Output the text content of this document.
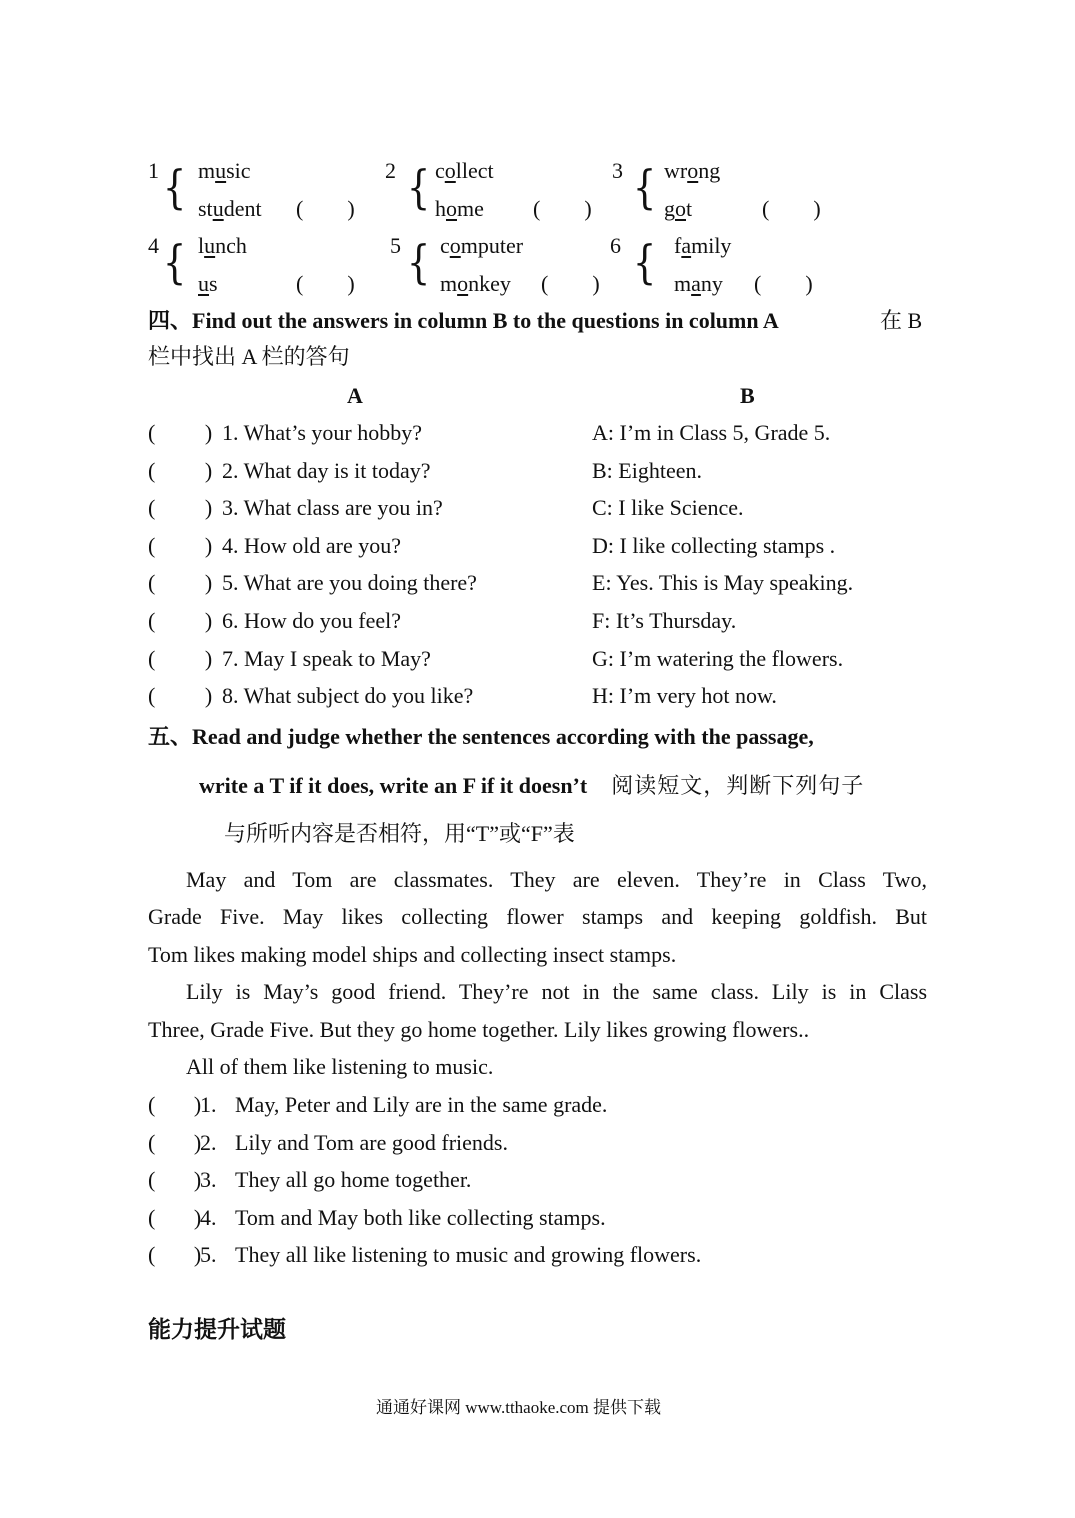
1 { music
student (        )
2 { collect
home (        )
3 { wrong
got	(        )
4 { lunch
us	(        )
5 { computer
monkey (        )
6 { family
many (        )
四、Find out the answers in column B to the questions in column A	在 B
栏中找出 A 栏的答句
A	B
(         ) 1. What’s your hobby?	A: I’m in Class 5, Grade 5.
(         ) 2. What day is it today?	B: Eighteen.
(         ) 3. What class are you in?	C: I like Science.
(         ) 4. How old are you?	D: I like collecting stamps .
(         ) 5. What are you doing there?	E: Yes. This is May speaking.
(         ) 6. How do you feel?	F: It’s Thursday.
(         ) 7. May I speak to May?	G: I’m watering the flowers.
(         ) 8. What subject do you like?	H: I’m very hot now.
五、Read and judge whether the sentences according with the passage,
write a T if it does, write an F if it doesn’t 阅读短文，判断下列句子
与所听内容是否相符，用“T”或“F”表
May and Tom are classmates. They are eleven. They’re in Class Two,
Grade Five. May likes collecting flower stamps and keeping goldfish. But
Tom likes making model ships and collecting insect stamps.
Lily is May’s good friend. They’re not in the same class. Lily is in Class
Three, Grade Five. But they go home together. Lily likes growing flowers..
All of them like listening to music.
(       )
1. May, Peter and Lily are in the same grade.
(       )
2. Lily and Tom are good friends.
(       )
3. They all go home together.
(       )
4. Tom and May both like collecting stamps.
(       )
5. They all like listening to music and growing flowers.
能力提升试题
通通好课网 www.tthaoke.com 提供下载
